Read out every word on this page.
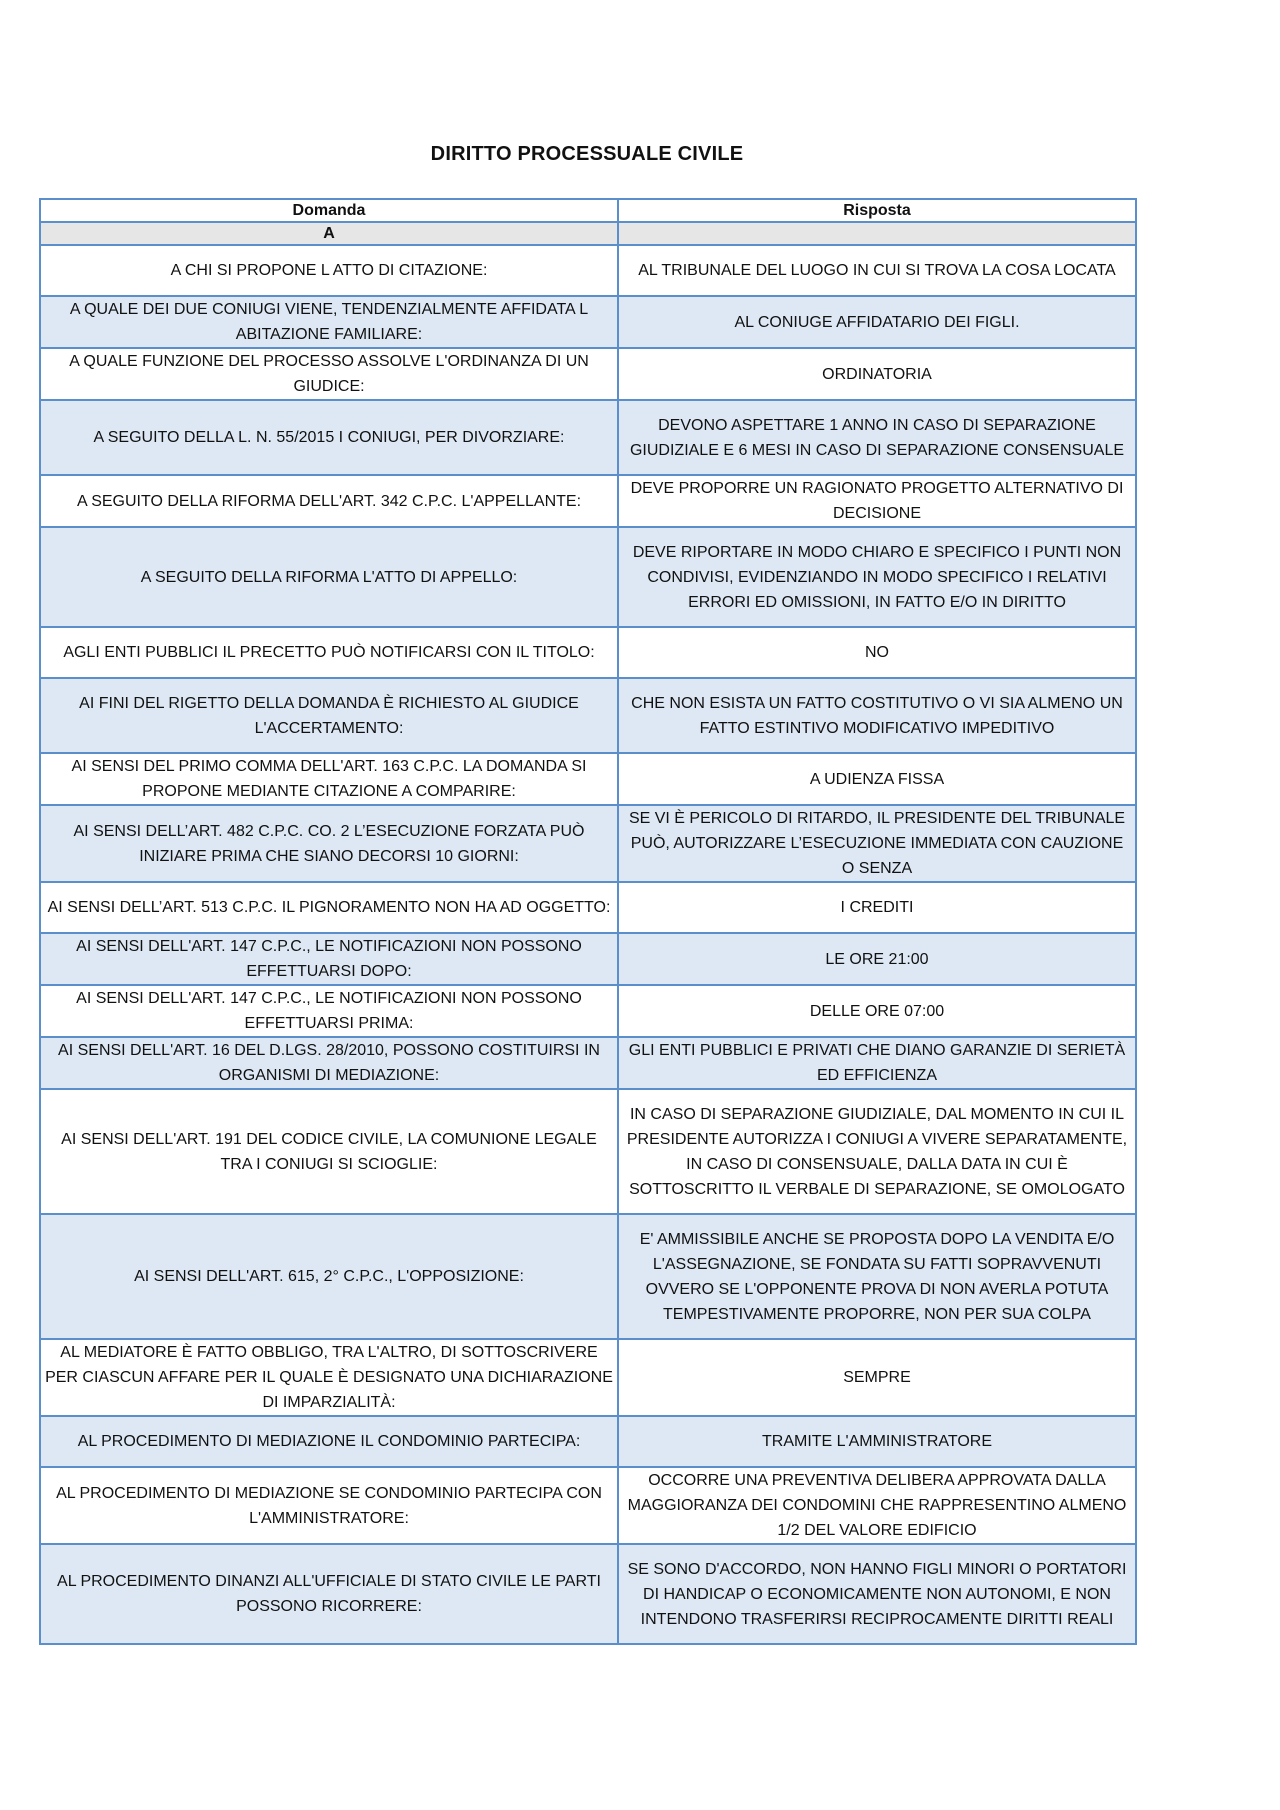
DIRITTO PROCESSUALE CIVILE
Domanda	Risposta
A	
A CHI SI PROPONE L ATTO DI CITAZIONE:	AL TRIBUNALE DEL LUOGO IN CUI SI TROVA LA COSA LOCATA
A QUALE DEI DUE CONIUGI VIENE, TENDENZIALMENTE AFFIDATA L ABITAZIONE FAMILIARE:	AL CONIUGE AFFIDATARIO DEI FIGLI.
A QUALE FUNZIONE DEL PROCESSO ASSOLVE L'ORDINANZA DI UN GIUDICE:	ORDINATORIA
A SEGUITO DELLA L. N. 55/2015 I CONIUGI, PER DIVORZIARE:	DEVONO ASPETTARE 1 ANNO IN CASO DI SEPARAZIONE GIUDIZIALE E 6 MESI IN CASO DI SEPARAZIONE CONSENSUALE
A SEGUITO DELLA RIFORMA DELL'ART. 342 C.P.C. L'APPELLANTE:	DEVE PROPORRE UN RAGIONATO PROGETTO ALTERNATIVO DI DECISIONE
A SEGUITO DELLA RIFORMA L'ATTO DI APPELLO:	DEVE RIPORTARE IN MODO CHIARO E SPECIFICO I PUNTI NON CONDIVISI, EVIDENZIANDO IN MODO SPECIFICO I RELATIVI ERRORI ED OMISSIONI, IN FATTO E/O IN DIRITTO
AGLI ENTI PUBBLICI IL PRECETTO PUÒ NOTIFICARSI CON IL TITOLO:	NO
AI FINI DEL RIGETTO DELLA DOMANDA È RICHIESTO AL GIUDICE L'ACCERTAMENTO:	CHE NON ESISTA UN FATTO COSTITUTIVO O VI SIA ALMENO UN FATTO ESTINTIVO MODIFICATIVO IMPEDITIVO
AI SENSI DEL PRIMO COMMA DELL'ART. 163 C.P.C. LA DOMANDA SI PROPONE MEDIANTE CITAZIONE A COMPARIRE:	A UDIENZA FISSA
AI SENSI DELL’ART. 482 C.P.C. CO. 2 L’ESECUZIONE FORZATA PUÒ INIZIARE PRIMA CHE SIANO DECORSI 10 GIORNI:	SE VI È PERICOLO DI RITARDO, IL PRESIDENTE DEL TRIBUNALE PUÒ, AUTORIZZARE L’ESECUZIONE IMMEDIATA CON CAUZIONE O SENZA
AI SENSI DELL’ART. 513 C.P.C. IL PIGNORAMENTO NON HA AD OGGETTO:	I CREDITI
AI SENSI DELL'ART. 147 C.P.C., LE NOTIFICAZIONI NON POSSONO EFFETTUARSI DOPO:	LE ORE 21:00
AI SENSI DELL'ART. 147 C.P.C., LE NOTIFICAZIONI NON POSSONO EFFETTUARSI PRIMA:	DELLE ORE 07:00
AI SENSI DELL'ART. 16 DEL D.LGS. 28/2010, POSSONO COSTITUIRSI IN ORGANISMI DI MEDIAZIONE:	GLI ENTI PUBBLICI E PRIVATI CHE DIANO GARANZIE DI SERIETÀ ED EFFICIENZA
AI SENSI DELL'ART. 191 DEL CODICE CIVILE, LA COMUNIONE LEGALE TRA I CONIUGI SI SCIOGLIE:	IN CASO DI SEPARAZIONE GIUDIZIALE, DAL MOMENTO IN CUI IL PRESIDENTE AUTORIZZA I CONIUGI A VIVERE SEPARATAMENTE, IN CASO DI CONSENSUALE, DALLA DATA IN CUI È SOTTOSCRITTO IL VERBALE DI SEPARAZIONE, SE OMOLOGATO
AI SENSI DELL'ART. 615, 2° C.P.C., L'OPPOSIZIONE:	E' AMMISSIBILE ANCHE SE PROPOSTA DOPO LA VENDITA E/O L'ASSEGNAZIONE, SE FONDATA SU FATTI SOPRAVVENUTI OVVERO SE L'OPPONENTE PROVA DI NON AVERLA POTUTA TEMPESTIVAMENTE PROPORRE, NON PER SUA COLPA
AL MEDIATORE È FATTO OBBLIGO, TRA L'ALTRO, DI SOTTOSCRIVERE PER CIASCUN AFFARE PER IL QUALE È DESIGNATO UNA DICHIARAZIONE DI IMPARZIALITÀ:	SEMPRE
AL PROCEDIMENTO DI MEDIAZIONE IL CONDOMINIO PARTECIPA:	TRAMITE L'AMMINISTRATORE
AL PROCEDIMENTO DI MEDIAZIONE SE CONDOMINIO PARTECIPA CON L'AMMINISTRATORE:	OCCORRE UNA PREVENTIVA DELIBERA APPROVATA DALLA MAGGIORANZA DEI CONDOMINI CHE RAPPRESENTINO ALMENO 1/2 DEL VALORE EDIFICIO
AL PROCEDIMENTO DINANZI ALL'UFFICIALE DI STATO CIVILE LE PARTI POSSONO RICORRERE:	SE SONO D'ACCORDO, NON HANNO FIGLI MINORI O PORTATORI DI HANDICAP O ECONOMICAMENTE NON AUTONOMI, E NON INTENDONO TRASFERIRSI RECIPROCAMENTE DIRITTI REALI
